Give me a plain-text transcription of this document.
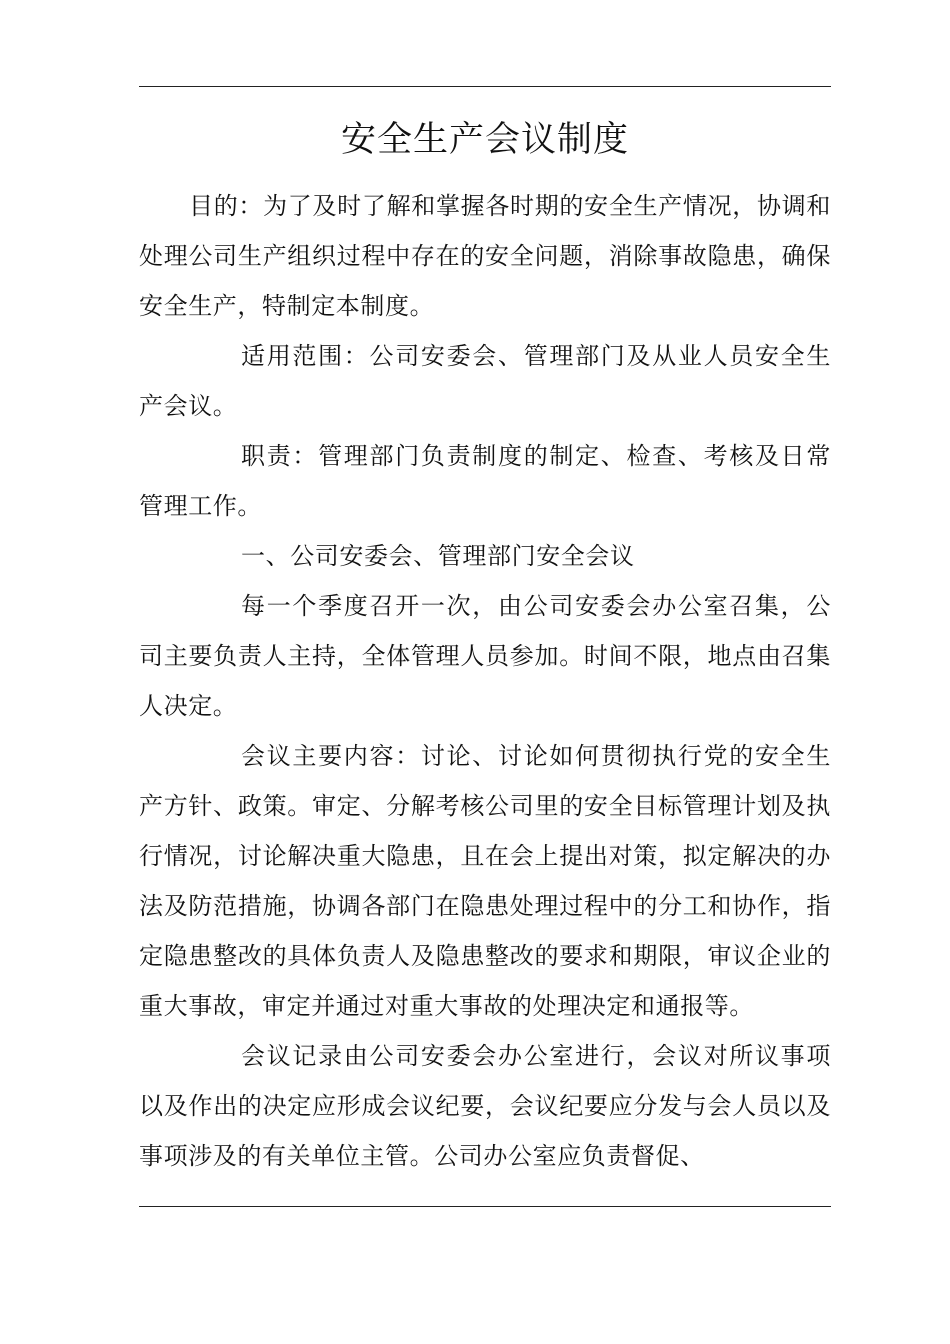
安全生产会议制度

目的：为了及时了解和掌握各时期的安全生产情况，协调和处理公司生产组织过程中存在的安全问题，消除事故隐患，确保安全生产，特制定本制度。

适用范围：公司安委会、管理部门及从业人员安全生产会议。

职责：管理部门负责制度的制定、检查、考核及日常管理工作。

一、公司安委会、管理部门安全会议

每一个季度召开一次，由公司安委会办公室召集，公司主要负责人主持，全体管理人员参加。时间不限，地点由召集人决定。

会议主要内容：讨论、讨论如何贯彻执行党的安全生产方针、政策。审定、分解考核公司里的安全目标管理计划及执行情况，讨论解决重大隐患，且在会上提出对策，拟定解决的办法及防范措施，协调各部门在隐患处理过程中的分工和协作，指定隐患整改的具体负责人及隐患整改的要求和期限，审议企业的重大事故，审定并通过对重大事故的处理决定和通报等。

会议记录由公司安委会办公室进行，会议对所议事项以及作出的决定应形成会议纪要，会议纪要应分发与会人员以及事项涉及的有关单位主管。公司办公室应负责督促、
